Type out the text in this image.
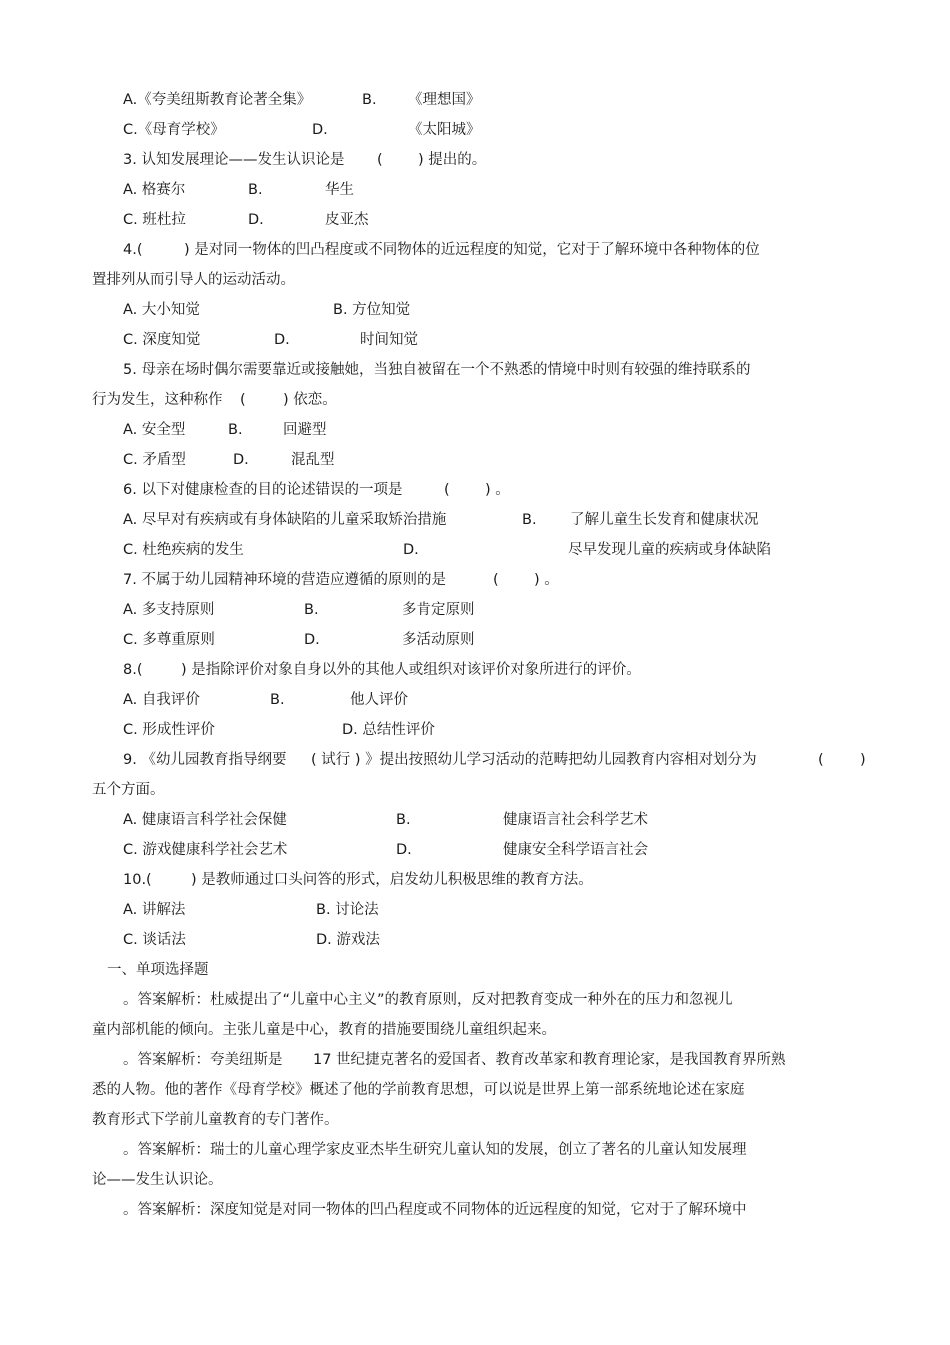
A.《夸美纽斯教育论著全集》	B. 《理想国》
C.《母育学校》	D.	《太阳城》
3. 认知发展理论——发生认识论是 ( ) 提出的。
A. 格赛尔	B.	华生
C. 班杜拉	D.	皮亚杰
4.(	) 是对同一物体的凹凸程度或不同物体的近远程度的知觉，它对于了解环境中各种物体的位
置排列从而引导人的运动活动。
A. 大小知觉	B. 方位知觉
C. 深度知觉	D.	时间知觉
5. 母亲在场时偶尔需要靠近或接触她，当独自被留在一个不熟悉的情境中时则有较强的维持联系的
行为发生，这种称作 (	) 依恋。
A. 安全型	B.	回避型
C. 矛盾型	D.	混乱型
6. 以下对健康检查的目的论述错误的一项是	( ) 。
A. 尽早对有疾病或有身体缺陷的儿童采取矫治措施	B. 了解儿童生长发育和健康状况
C. 杜绝疾病的发生	D.	尽早发现儿童的疾病或身体缺陷
7. 不属于幼儿园精神环境的营造应遵循的原则的是	( ) 。
A. 多支持原则	B.	多肯定原则
C. 多尊重原则	D.	多活动原则
8.(	) 是指除评价对象自身以外的其他人或组织对该评价对象所进行的评价。
A. 自我评价	B.	他人评价
C. 形成性评价	D. 总结性评价
9. 《幼儿园教育指导纲要 ( 试行 ) 》提出按照幼儿学习活动的范畴把幼儿园教育内容相对划分为	(	)
五个方面。
A. 健康语言科学社会保健	B.	健康语言社会科学艺术
C. 游戏健康科学社会艺术	D.	健康安全科学语言社会
10.(	) 是教师通过口头问答的形式，启发幼儿积极思维的教育方法。
A. 讲解法	B. 讨论法
C. 谈话法	D. 游戏法
一、单项选择题
。答案解析：杜威提出了“儿童中心主义”的教育原则，反对把教育变成一种外在的压力和忽视儿
童内部机能的倾向。主张儿童是中心，教育的措施要围绕儿童组织起来。
。答案解析：夸美纽斯是 17 世纪捷克著名的爱国者、教育改革家和教育理论家，是我国教育界所熟
悉的人物。他的著作《母育学校》概述了他的学前教育思想，可以说是世界上第一部系统地论述在家庭
教育形式下学前儿童教育的专门著作。
。答案解析：瑞士的儿童心理学家皮亚杰毕生研究儿童认知的发展，创立了著名的儿童认知发展理
论——发生认识论。
。答案解析：深度知觉是对同一物体的凹凸程度或不同物体的近远程度的知觉，它对于了解环境中
